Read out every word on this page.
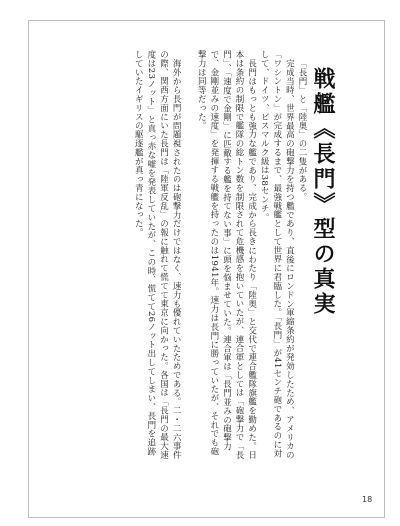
戦艦《長門》型の真実

「長門」と「陸奥」の二隻がある。

完成当時、世界最高の砲撃力を持つ艦であり、直後にロンドン軍縮条約が発効したため、アメリカの「ワシントン」が完成するまで、最強戦艦として世界に君臨した。「長門」が41センチ砲であるのに対して、ドイツ、ビスマルク級は38センチ。

長門はもっとも強力な艦であり、完成から長きにわたり「陸奥」と交代で連合艦隊旗艦を勤めた。日本は条約の制限で艦隊の総トン数を制限されて危機感を抱いていたが、連合軍としては「砲撃力で「長門」、「速度で金剛」に匹敵する艦を持てない事」に頭を悩ませていた。連合軍は「長門並みの砲撃力で、金剛並みの速度」を発揮する戦艦を持ったのは1941年。速力は長門に勝っていたが、それでも砲撃力は同等だった。

海外から長門が問題視されたのは砲撃力だけではなく、速力も優れていたためである。二・二六事件の際、関西方面にいた長門は「陸軍反乱」の報に触れて慌てて東京に向かった。各国は「長門の最大速度は23ノット」と真っ赤な嘘を発表していたが、この時、慌てて26ノット出してしまい、長門を追跡していたイギリスの駆逐艦が真っ青になった。

18
